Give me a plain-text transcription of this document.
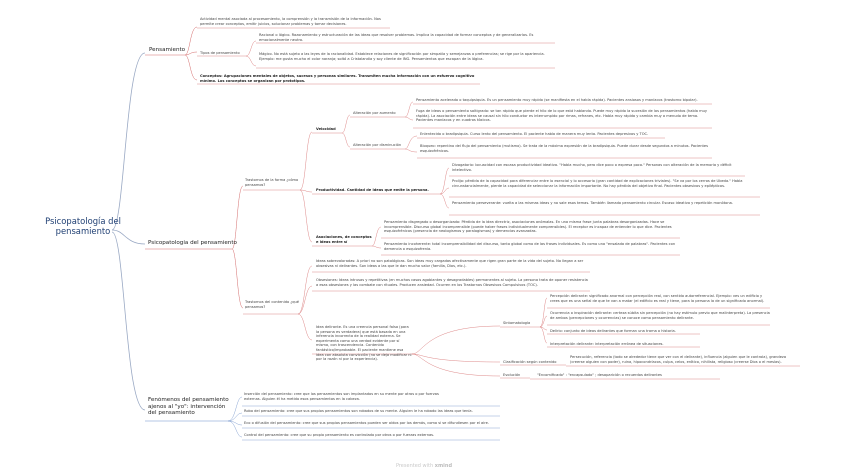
Psicopatología del pensamiento
Pensamiento
Psicopatología del pensamiento
Fenómenos del pensamiento ajenos al "yo": intervención del pensamiento
Actividad mental asociada al procesamiento, la comprensión y la transmisión de la información. Nos permite crear conceptos, emitir juicios, solucionar problemas y tomar decisiones.
Tipos de pensamiento
Racional o lógico. Razonamiento y estructuración de las ideas que resolver problemas. Implica la capacidad de formar conceptos y de generalizarlos. Es emocionalmente neutro.
Mágico. No está sujeto a las leyes de la racionalidad. Establece relaciones de significación por simpatía y semejanzas o preferencias; se rige por la apariencia. Ejemplo: me gusta mucho el color naranja; soltó a Cristalandia y soy cliente de ING. Pensamientos que escapan de la lógica.
Conceptos: Agrupaciones mentales de objetos, sucesos y personas similares. Transmiten mucha información con un esfuerzo cognitivo mínimo. Los conceptos se organizan por prototipos.
Trastornos de la forma ¿cómo pensamos?
Velocidad
Alteración por aumento
Pensamiento acelerado o taquipsiquia. Es un pensamiento muy rápido (se manifiesta en el habla rápida). Pacientes ansiosos y maníacos (trastorno bipolar).
Fuga de ideas o pensamiento saltigrado: se tan rápido que pierde el hilo de lo que está hablando. Puede muy rápido la sucesión de los pensamientos (habla muy rápida). La asociación entre ideas se causal sin hilo conductor es interrumpido por rimas, refranes, etc. Habla muy rápida y cambia muy a menudo de tema. Pacientes maníacos y en cuadros tóxicos.
Alteración por disminución
Enlentecido o bradipsiquia. Curso lento del pensamiento. El paciente habla de manera muy lenta. Pacientes depresivos y TOC.
Bloqueo: repentino del flujo del pensamiento (mutismo). Se trata de la máxima expresión de la bradipsiquia. Puede durar desde segundos a minutos. Pacientes esquizofrénicos.
Productividad. Cantidad de ideas que emite la persona.
Divagatorio: locuacidad con escasa productividad ideativa. "Habla mucho, pero dice poco o expresa poco." Personas con alteración de la memoria y déficit intelectivo.
Prolijo: pérdida de la capacidad para diferenciar entre lo esencial y lo accesorio (gran cantidad de explicaciones triviales). "Se va por los cerros de Úbeda." Habla circunstancialmente, pierde la capacidad de seleccionar la información importante. No hay pérdida del objetivo final. Pacientes obsesivos y epilépticos.
Pensamiento perseverante: vuelta a las mismas ideas y no sale esos temas. También llamado pensamiento circular. Escaso ideativo y repetición monótona.
Asociaciones, de conceptos e ideas entre sí
Pensamiento disgregado o desorganizado: Pérdida de la idea directriz, asociaciones anómalas. En una misma frase junta palabras desorganizadas. Hace se incomprensible. Discurso global incomprensible (puede haber frases individualmente comprensibles). El receptor es incapaz de entender lo que dice. Pacientes esquizofrénicos (presencia de neologismos y paralogismos) y demencias avanzadas.
Pensamiento incoherente: total incomprensibilidad del discurso, tanto global como de las frases individuales. Es como una "ensalada de palabras". Pacientes con demencia o esquizofrenia.
Trastornos del contenido ¿qué pensamos?
Ideas sobrevaloradas: A priori no son patológicas. Son ideas muy cargadas afectivamente que rigen gran parte de la vida del sujeto. No llegan a ser obsesivas ni delirantes. Son ideas a las que le dan mucho valor (familia, Dios, etc.).
Obsesiones: Ideas intrusas y repetitivas (en muchos casos agobiantes y desagradables) permanentes al sujeto. La persona trata de oponer resistencia a esas obsesiones y las combate con rituales. Producen ansiedad. Ocurren en los Trastornos Obsesivos Compulsivos (TOC).
Idea delirante. Es una creencia personal falsa (para la persona es verdadera) que está basada en una inferencia incorrecta de la realidad externa. Se experimenta como una verdad evidente por sí misma, con trascendencia. Contenido fantástico/improbable. El paciente mantiene esa idea con absoluta convicción (no se deja modificar ni por la razón ni por la experiencia).
Sintomatología
Percepción delirante: significado anormal con percepción real, con sentido autorreferencial. Ejemplo: ves un edificio y crees que es una señal de que te van a matar (el edificio es real y tiene, para la persona la de un significado anormal).
Ocurrencia o inspiración delirante: certeza súbita sin percepción (no hay estímulo previo que malinterpreta). La presencia de ambos (percepciones y ocurrencias) se conoce como pensamiento delirante.
Delirio: conjunto de ideas delirantes que forman una trama o historia.
Interpretación delirante: interpretación errónea de situaciones.
Clasificación según contenido
Persecución, referencia (todo se alrededor tiene que ver con el delirante), influencia (alguien que le controla), grandeza (creerse alguien con poder), ruina, hipocondríacos, culpa, celos, erótico, nihilista, religioso (creerse Dios o el mesías).
Evolución	"Encomificado" : "encapsulado" ; desaparición o recuerdos delirantes
Inserción del pensamiento: cree que los pensamientos son implantados en su mente por otros o por fuerzas externas. Alguien él ha metido esos pensamientos en la cabeza.
Robo del pensamiento: cree que sus propios pensamientos son robados de su mente. Alguien le ha robado las ideas que tenía.
Eco o difusión del pensamiento: cree que sus propios pensamientos pueden ser oídos por los demás, como si se difundiesen por el aire.
Control del pensamiento: cree que su propio pensamiento es controlado por otros o por fuerzas externas.
Presented with xmind
